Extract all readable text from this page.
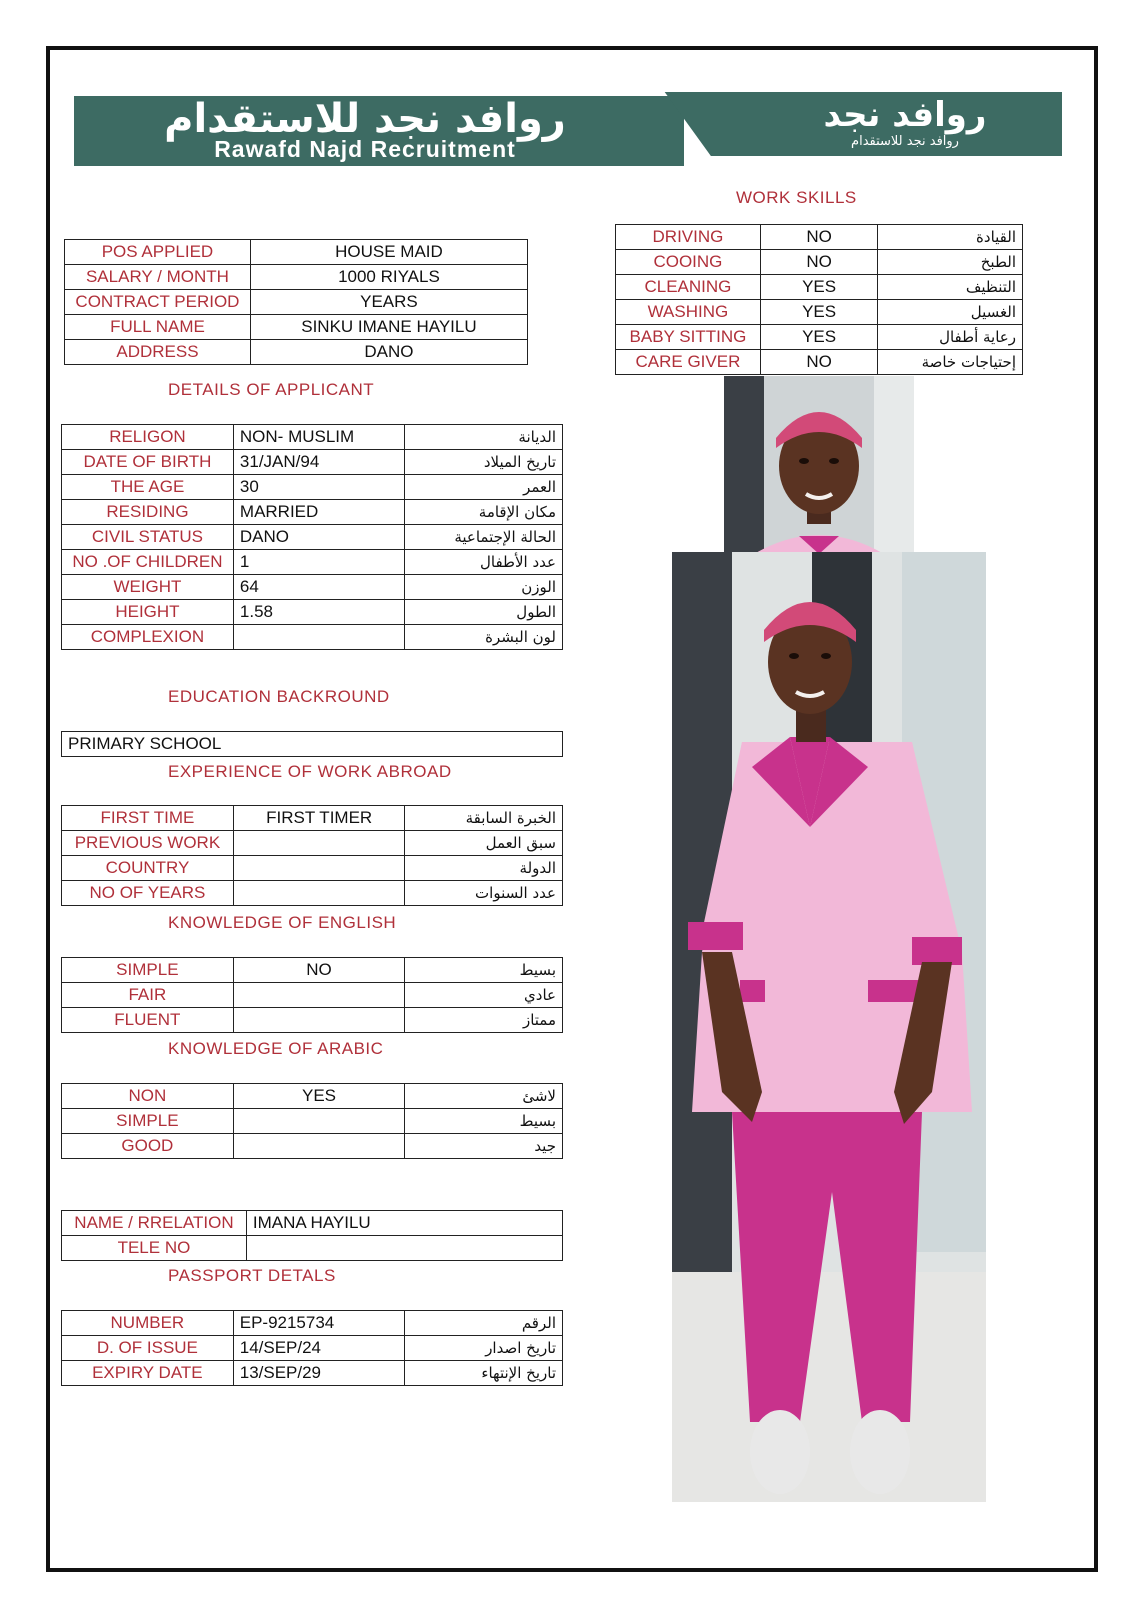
روافد نجد للاستقدام
Rawafd Najd Recruitment
روافد نجد
روافد نجد للاستقدام
WORK SKILLS
DRIVING	NO	القيادة
COOING	NO	الطبخ
CLEANING	YES	التنظيف
WASHING	YES	الغسيل
BABY SITTING	YES	رعاية أطفال
CARE GIVER	NO	إحتياجات خاصة
POS APPLIED	HOUSE MAID
SALARY / MONTH	1000 RIYALS
CONTRACT PERIOD	YEARS
FULL NAME	SINKU IMANE HAYILU
ADDRESS	DANO
DETAILS OF APPLICANT
RELIGON	NON- MUSLIM	الديانة
DATE OF BIRTH	31/JAN/94	تاريخ الميلاد
THE AGE	30	العمر
RESIDING	MARRIED	مكان الإقامة
CIVIL STATUS	DANO	الحالة الإجتماعية
NO .OF CHILDREN	1	عدد الأطفال
WEIGHT	64	الوزن
HEIGHT	1.58	الطول
COMPLEXION		لون البشرة
EDUCATION BACKROUND
PRIMARY SCHOOL
EXPERIENCE OF WORK ABROAD
FIRST TIME	FIRST TIMER	الخبرة السابقة
PREVIOUS WORK		سبق العمل
COUNTRY		الدولة
NO OF YEARS		عدد السنوات
KNOWLEDGE OF ENGLISH
SIMPLE	NO	بسيط
FAIR		عادي
FLUENT		ممتاز
KNOWLEDGE OF ARABIC
NON	YES	لاشئ
SIMPLE		بسيط
GOOD		جيد
NAME / RRELATION	IMANA HAYILU
TELE NO	
PASSPORT DETALS
NUMBER	EP-9215734	الرقم
D. OF ISSUE	14/SEP/24	تاريخ اصدار
EXPIRY DATE	13/SEP/29	تاريخ الإنتهاء
